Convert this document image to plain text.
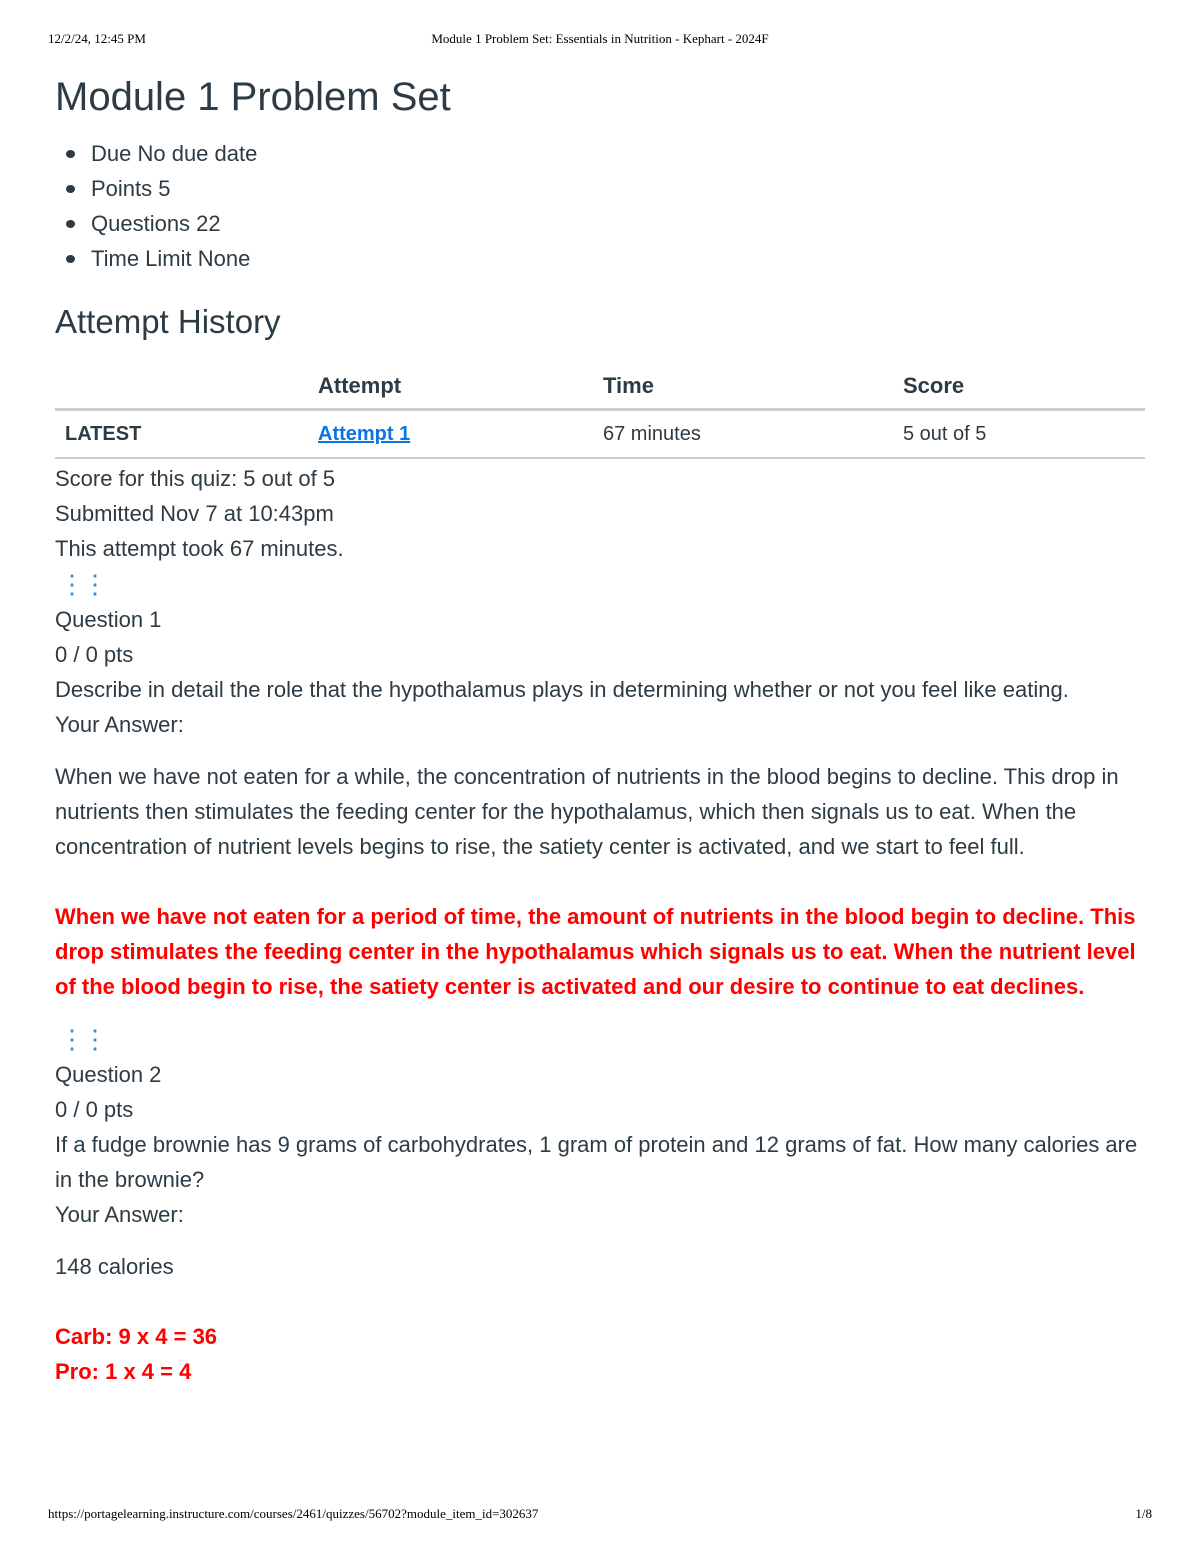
12/2/24, 12:45 PM	Module 1 Problem Set: Essentials in Nutrition - Kephart - 2024F
Module 1 Problem Set
Due No due date
Points 5
Questions 22
Time Limit None
Attempt History
	Attempt	Time	Score
LATEST	Attempt 1	67 minutes	5 out of 5
Score for this quiz: 5 out of 5
Submitted Nov 7 at 10:43pm
This attempt took 67 minutes.
⋮⋮
Question 1
0 / 0 pts
Describe in detail the role that the hypothalamus plays in determining whether or not you feel like eating.
Your Answer:
When we have not eaten for a while, the concentration of nutrients in the blood begins to decline. This drop in nutrients then stimulates the feeding center for the hypothalamus, which then signals us to eat. When the concentration of nutrient levels begins to rise, the satiety center is activated, and we start to feel full.
When we have not eaten for a period of time, the amount of nutrients in the blood begin to decline. This drop stimulates the feeding center in the hypothalamus which signals us to eat. When the nutrient level of the blood begin to rise, the satiety center is activated and our desire to continue to eat declines.
⋮⋮
Question 2
0 / 0 pts
If a fudge brownie has 9 grams of carbohydrates, 1 gram of protein and 12 grams of fat. How many calories are in the brownie?
Your Answer:
148 calories
Carb: 9 x 4 = 36
Pro: 1 x 4 = 4
https://portagelearning.instructure.com/courses/2461/quizzes/56702?module_item_id=302637	1/8
